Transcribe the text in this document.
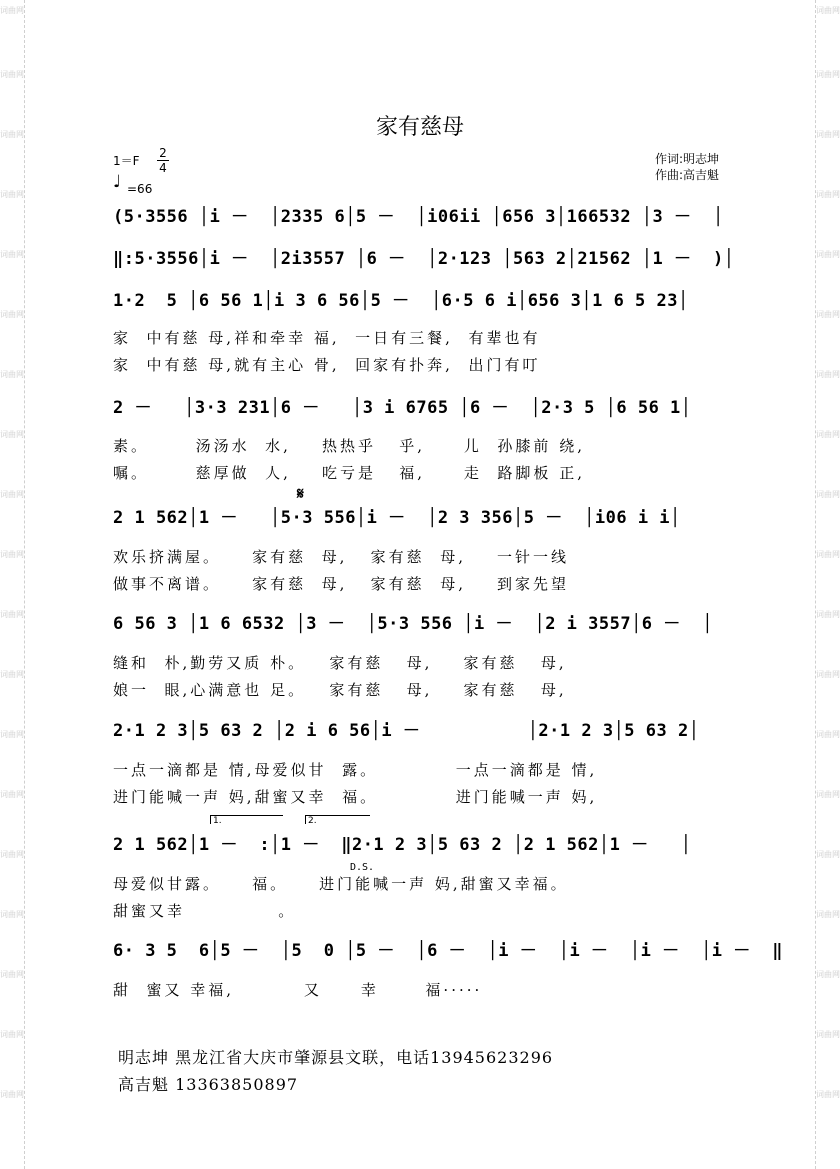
词曲网
词曲网
词曲网
词曲网
词曲网
词曲网
词曲网
词曲网
词曲网
词曲网
词曲网
词曲网
词曲网
词曲网
词曲网
词曲网
词曲网
词曲网
词曲网
词曲网
词曲网
词曲网
词曲网
词曲网
词曲网
词曲网
词曲网
词曲网
词曲网
词曲网
词曲网
词曲网
词曲网
词曲网
词曲网
词曲网
词曲网
词曲网
家有慈母
1＝F
2
4
♩ =66
作词:明志坤
作曲:高吉魁
(5·3556 │i －  │2335 6│5 －  │i06ii │656 3│166532 │3 －  │
‖:5·3556│i －  │2i3557 │6 －  │2·123 │563 2│21562 │1 －  )│
1·2  5 │6 56 1│i 3 6 56│5 －  │6·5 6 i│656 3│1 6 5 23│
家  中有慈 母,祥和牵幸 福,  一日有三餐,  有辈也有
家  中有慈 母,就有主心 骨,  回家有扑奔,  出门有叮
2 －   │3·3 231│6 －   │3 i 6765 │6 －  │2·3 5 │6 56 1│
素。      汤汤水  水,    热热乎   乎,     儿  孙膝前 绕,
嘱。      慈厚做  人,    吃亏是   福,     走  路脚板 正,
𝄋
2 1 562│1 －   │5·3 556│i －  │2 3 356│5 －  │i06 i i│
欢乐挤满屋。    家有慈  母,   家有慈  母,    一针一线
做事不离谱。    家有慈  母,   家有慈  母,    到家先望
6 56 3 │1 6 6532 │3 －  │5·3 556 │i －  │2 i 3557│6 －  │
缝和  朴,勤劳又质 朴。   家有慈   母,    家有慈   母,
娘一  眼,心满意也 足。   家有慈   母,    家有慈   母,
2·1 2 3│5 63 2 │2 i 6 56│i －          │2·1 2 3│5 63 2│
一点一滴都是 情,母爱似甘  露。          一点一滴都是 情,
进门能喊一声 妈,甜蜜又幸  福。          进门能喊一声 妈,
1.	2.
2 1 562│1 －  :│1 －  ‖2·1 2 3│5 63 2 │2 1 562│1 －   │
D.S.
母爱似甘露。    福。    进门能喊一声 妈,甜蜜又幸福。
甜蜜又幸            。
6· 3 5  6│5 －  │5  0 │5 －  │6 －  │i －  │i －  │i －  │i －  ‖
甜  蜜又 幸福,         又     幸      福·····
明志坤 黑龙江省大庆市肇源县文联，电话13945623296
高吉魁 13363850897
